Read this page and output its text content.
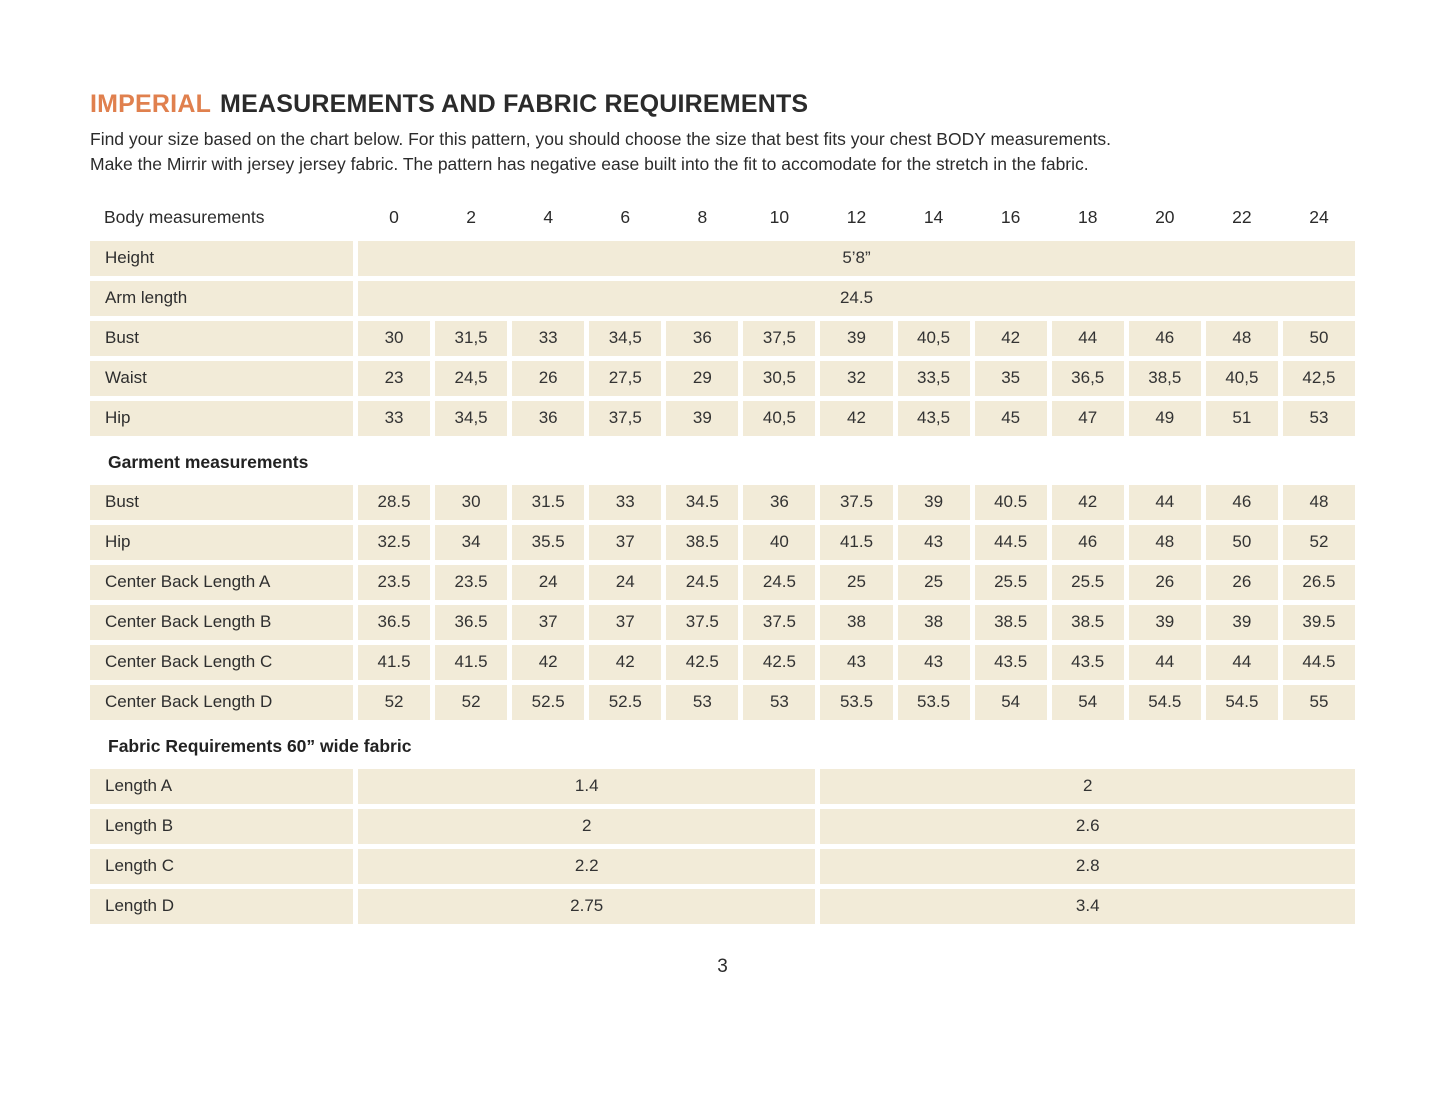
IMPERIAL MEASUREMENTS AND FABRIC REQUIREMENTS

Find your size based on the chart below. For this pattern, you should choose the size that best fits your chest BODY measurements.
Make the Mirrir with jersey jersey fabric. The pattern has negative ease built into the fit to accomodate for the stretch in the fabric.

Body measurements	0	2	4	6	8	10	12	14	16	18	20	22	24
Height	5’8”
Arm length	24.5
Bust	30	31,5	33	34,5	36	37,5	39	40,5	42	44	46	48	50
Waist	23	24,5	26	27,5	29	30,5	32	33,5	35	36,5	38,5	40,5	42,5
Hip	33	34,5	36	37,5	39	40,5	42	43,5	45	47	49	51	53
Garment measurements
Bust	28.5	30	31.5	33	34.5	36	37.5	39	40.5	42	44	46	48
Hip	32.5	34	35.5	37	38.5	40	41.5	43	44.5	46	48	50	52
Center Back Length A	23.5	23.5	24	24	24.5	24.5	25	25	25.5	25.5	26	26	26.5
Center Back Length B	36.5	36.5	37	37	37.5	37.5	38	38	38.5	38.5	39	39	39.5
Center Back Length C	41.5	41.5	42	42	42.5	42.5	43	43	43.5	43.5	44	44	44.5
Center Back Length D	52	52	52.5	52.5	53	53	53.5	53.5	54	54	54.5	54.5	55
Fabric Requirements 60” wide fabric
Length A	1.4	2
Length B	2	2.6
Length C	2.2	2.8
Length D	2.75	3.4
3
